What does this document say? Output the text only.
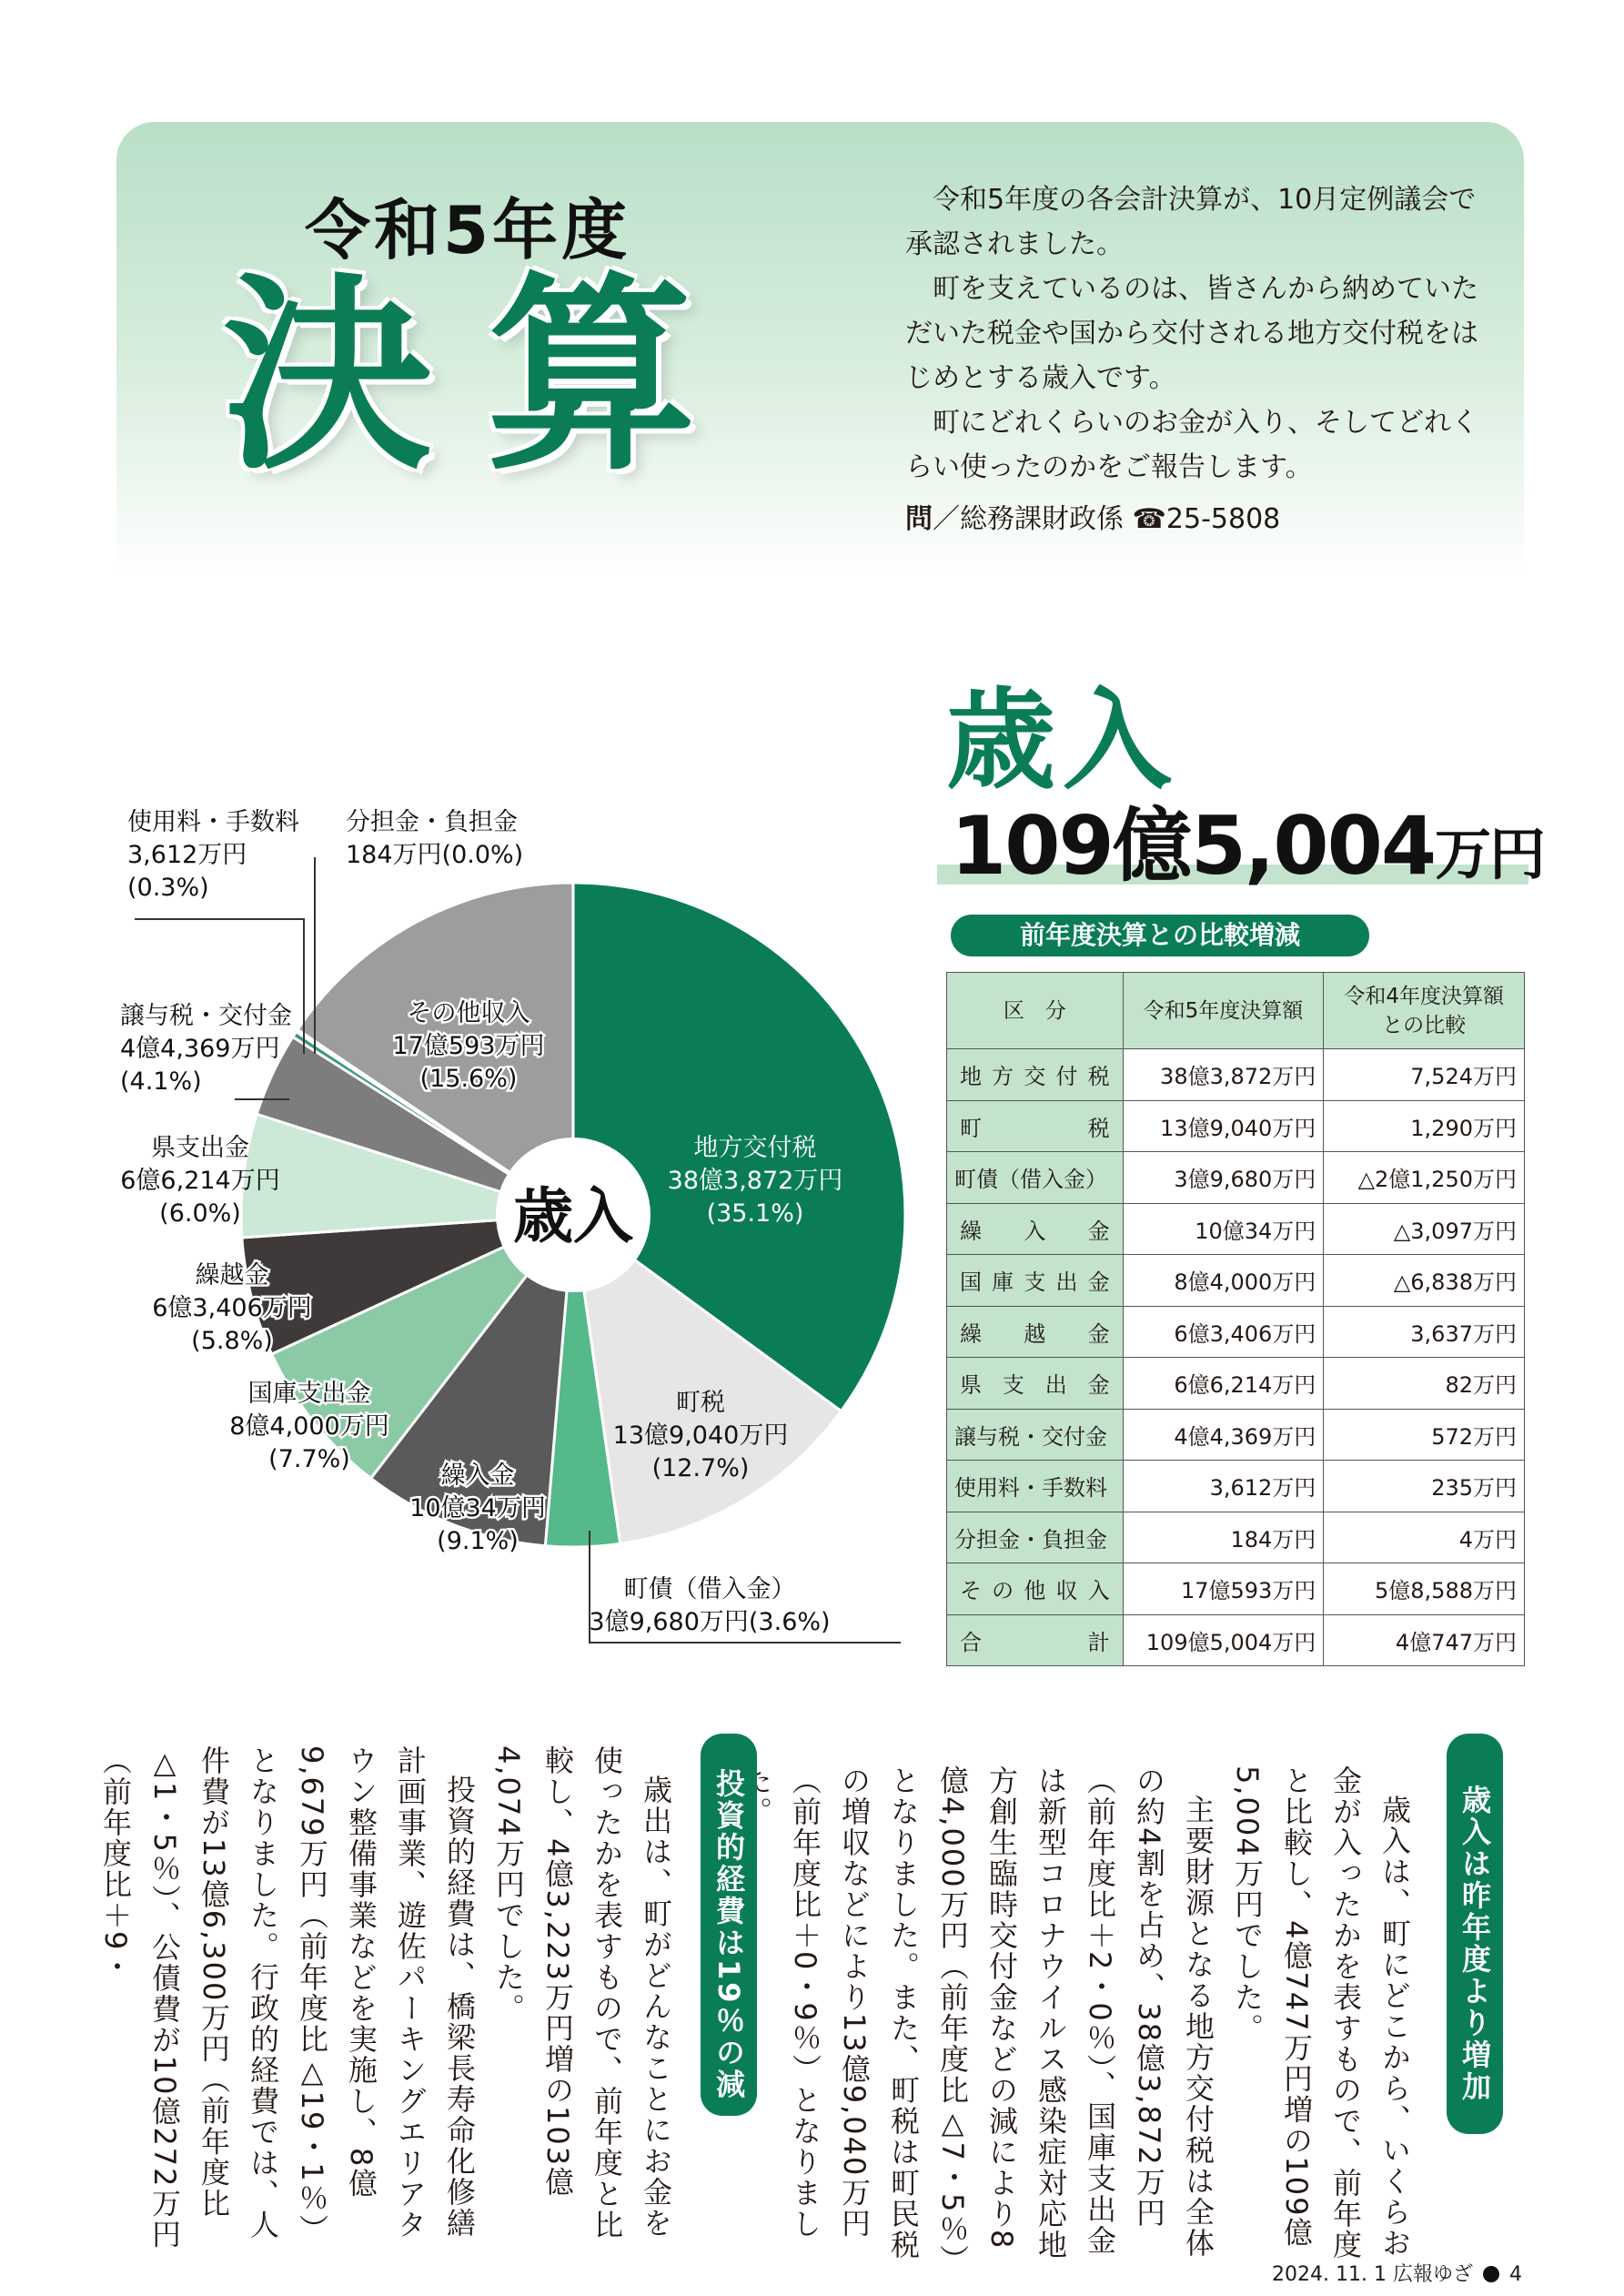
令和5年度
決算

令和5年度の各会計決算が、10月定例議会で承認されました。

町を支えているのは、皆さんから納めていただいた税金や国から交付される地方交付税をはじめとする歳入です。

町にどれくらいのお金が入り、そしてどれくらい使ったのかをご報告します。

問／総務課財政係 ☎25-5808
歳入
109億5,004万円
前年度決算との比較増減
区　分	令和5年度決算額	令和4年度決算額
との比較
地方交付税	38億3,872万円	7,524万円
町税	13億9,040万円	1,290万円
町債（借入金）	3億9,680万円	△2億1,250万円
繰入金	10億34万円	△3,097万円
国庫支出金	8億4,000万円	△6,838万円
繰越金	6億3,406万円	3,637万円
県支出金	6億6,214万円	82万円
譲与税・交付金	4億4,369万円	572万円
使用料・手数料	3,612万円	235万円
分担金・負担金	184万円	4万円
その他収入	17億593万円	5億8,588万円
合計	109億5,004万円	4億747万円
歳入
地方交付税 38億3,872万円(35.1%)
町税 13億9,040万円(12.7%)
町債（借入金） 3億9,680万円(3.6%)
繰入金 10億34万円(9.1%)
国庫支出金 8億4,000万円(7.7%)
繰越金 6億3,406万円(5.8%)
県支出金 6億6,214万円(6.0%)
譲与税・交付金 4億4,369万円(4.1%)
使用料・手数料 3,612万円(0.3%)
分担金・負担金 184万円(0.0%)
その他収入 17億593万円(15.6%)
歳入は昨年度より増加

歳入は、町にどこから、いくらお金が入ったかを表すもので、前年度と比較し、4億747万円増の109億5,004万円でした。

主要財源となる地方交付税は全体の約4割を占め、38億3,872万円（前年度比＋2・0％）、国庫支出金は新型コロナウイルス感染症対応地方創生臨時交付金などの減により8億4,000万円（前年度比△7・5％）となりました。また、町税は町民税の増収などにより13億9,040万円（前年度比＋0・9％）となりまし

投資的経費は19％の減

歳出は、町がどんなことにお金を使ったかを表すもので、前年度と比較し、4億3,223万円増の103億4,074万円でした。

投資的経費は、橋梁長寿命化修繕計画事業、遊佐パーキングエリアタウン整備事業などを実施し、8億9,679万円（前年度比△19・1％）となりました。行政的経費では、人件費が13億6,300万円（前年度比△1・5％）、公債費が10億272万円（前年度比＋9・

2024. 11. 1 広報ゆざ 4
